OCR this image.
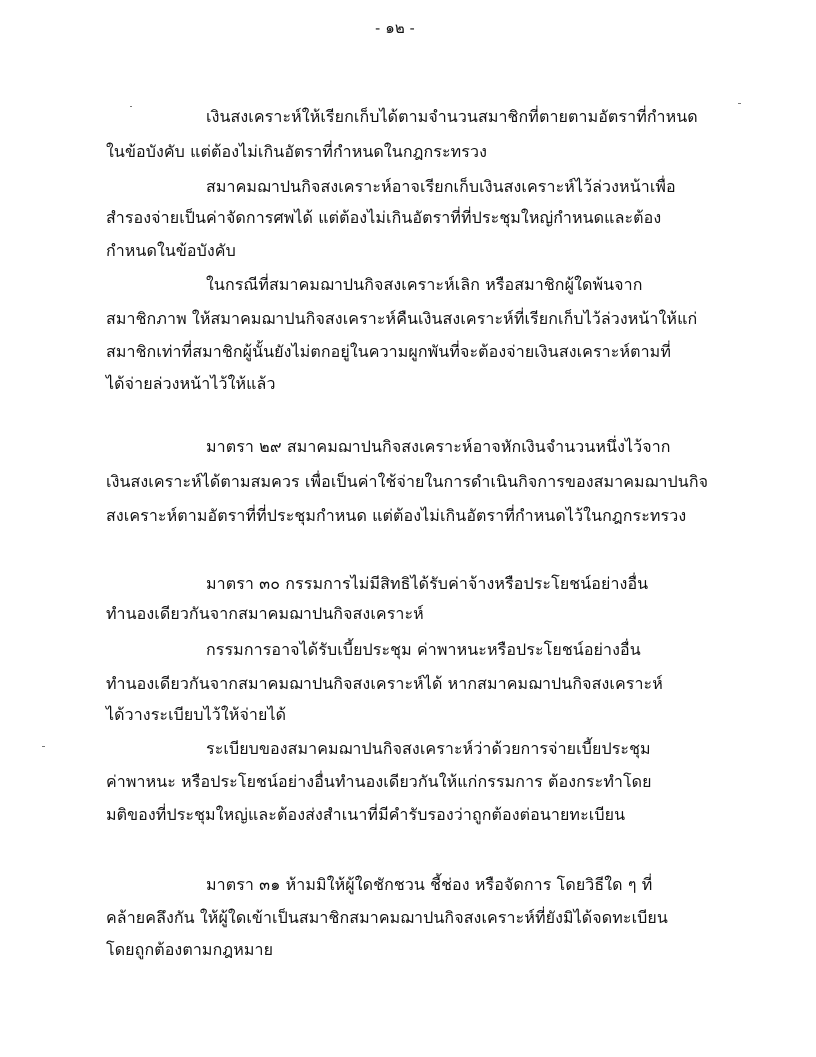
- ๑๒ -
เงินสงเคราะห์ให้เรียกเก็บได้ตามจำนวนสมาชิกที่ตายตามอัตราที่กำหนด
ในข้อบังคับ แต่ต้องไม่เกินอัตราที่กำหนดในกฎกระทรวง
สมาคมฌาปนกิจสงเคราะห์อาจเรียกเก็บเงินสงเคราะห์ไว้ล่วงหน้าเพื่อ
สำรองจ่ายเป็นค่าจัดการศพได้ แต่ต้องไม่เกินอัตราที่ที่ประชุมใหญ่กำหนดและต้อง
กำหนดในข้อบังคับ
ในกรณีที่สมาคมฌาปนกิจสงเคราะห์เลิก หรือสมาชิกผู้ใดพ้นจาก
สมาชิกภาพ ให้สมาคมฌาปนกิจสงเคราะห์คืนเงินสงเคราะห์ที่เรียกเก็บไว้ล่วงหน้าให้แก่
สมาชิกเท่าที่สมาชิกผู้นั้นยังไม่ตกอยู่ในความผูกพันที่จะต้องจ่ายเงินสงเคราะห์ตามที่
ได้จ่ายล่วงหน้าไว้ให้แล้ว
มาตรา ๒๙ สมาคมฌาปนกิจสงเคราะห์อาจหักเงินจำนวนหนึ่งไว้จาก
เงินสงเคราะห์ได้ตามสมควร เพื่อเป็นค่าใช้จ่ายในการดำเนินกิจการของสมาคมฌาปนกิจ
สงเคราะห์ตามอัตราที่ที่ประชุมกำหนด แต่ต้องไม่เกินอัตราที่กำหนดไว้ในกฎกระทรวง
มาตรา ๓๐ กรรมการไม่มีสิทธิได้รับค่าจ้างหรือประโยชน์อย่างอื่น
ทำนองเดียวกันจากสมาคมฌาปนกิจสงเคราะห์
กรรมการอาจได้รับเบี้ยประชุม ค่าพาหนะหรือประโยชน์อย่างอื่น
ทำนองเดียวกันจากสมาคมฌาปนกิจสงเคราะห์ได้ หากสมาคมฌาปนกิจสงเคราะห์
ได้วางระเบียบไว้ให้จ่ายได้
ระเบียบของสมาคมฌาปนกิจสงเคราะห์ว่าด้วยการจ่ายเบี้ยประชุม
ค่าพาหนะ หรือประโยชน์อย่างอื่นทำนองเดียวกันให้แก่กรรมการ ต้องกระทำโดย
มติของที่ประชุมใหญ่และต้องส่งสำเนาที่มีคำรับรองว่าถูกต้องต่อนายทะเบียน
มาตรา ๓๑ ห้ามมิให้ผู้ใดชักชวน ชี้ช่อง หรือจัดการ โดยวิธีใด ๆ ที่
คล้ายคลึงกัน ให้ผู้ใดเข้าเป็นสมาชิกสมาคมฌาปนกิจสงเคราะห์ที่ยังมิได้จดทะเบียน
โดยถูกต้องตามกฎหมาย
